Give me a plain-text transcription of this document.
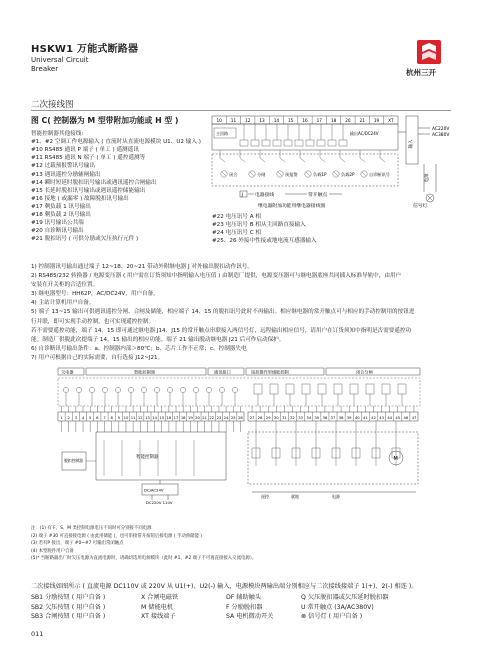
HSKW1 万能式断路器
Universal Circuit
Breaker	杭州三开
二次接线图
图 C( 控制器为 M 型带附加功能或 H 型 )
智能控制器其他接线:
#1、#2 空调工作电源输入 ( 直流时从直流电源模块 U1、U2 输入 )
#10 RS485 通讯 P 端子 ( 单工 ) 遥测遥讯
#11 RS485 通讯 N 端子 ( 单工 ) 遥控遥测等
#12 过载预报警讯号输出
#13 遇讯遥控分励辅闸输出
#14 瞬时短延时脱扣讯号输出或遇讯遥控合闸输出
#15 长延时脱扣讯号输出或遇讯遥控储能输出
#16 接地 ( 或漏零 ) 故障脱扣讯号输出
#17 剩负载 1 讯号输出
#18 剩负载 2 讯号输出
#19 讯号输出公共端
#20 自诊断讯号输出
#21 脱扣讯号 ( 可供分励或欠压执行元件 )
10 11 12 13 14 15 16 17 18 20 21 19 XT
主回路	输出AC/DC24V
输入
AC220V
AC380V
闭合	分闸	预报警	负载1P	负载2P	自诊断讯号	电源
J	电器接线	常开触点
信号灯
继电器附加功能用继电器接线图
#22 电压讯号 A 相
#23 电压讯号 B 相从主回路直接输入
#24 电压讯号 C 相
#25、26 外接中性接或地电流互感器输入
1) 控制器讯号输出通过端子 12~18、20~21 带动外附继电器 J 对外输出脱扣动作讯号。
2) RS485/232 转换器 / 电源变压器 ( 用户需在订货须知中指明输入电压值 ) 由制造厂提供，电源变压器可与继电器底座共同插入标准导轨中，由用户
安装在开关柜的合适位置。
3) 继电器型号：HH62P，AC/DC24V，用户自备。
4) 主站计算机用户自备。
5) 端子 13~15 输出可供遇讯遥控分闸、合闸及储能，相应端子 14、15 的脱扣讯号此时不再输出。相应继电器的常开触点可与相应的手动控制用的按钮进
行并联，即可实现手动控制，也可实现遥控控制。
若不需要遥控功能，端子 14、15 即可通过继电器 J14、J15 的常开触点串联接入两信号灯，远程输出相应信号，请用户在订货须知中指明是否需要遥控功
能。制造厂供脱此次提端子 14、15 输出的相应功能。端子 21 输出脱动继电器 J21 后可作启动保护。
6) 自诊断讯号输出条件：a、控制器内部＞80℃；b、芯片工作不正常；c、控制器失电
7) 用户可根据自己的实际需要，自行选接 J12~J21。
欠电器	智能控制器	通讯接口	遥控操作型储能控制	闭合分闸
1 2 3 4 5 6 7 8 9 10 11 12 13 14 15 16 17 18 19 20 21 22 23 24 25 26 27 28 29 30 31 32 33 34 35 36 37 38 39 40 41 42 43 44 45 46 47
智能控制器
脱扣控制器
DC/AC24V
DC220V 110V
M
遥控	就地	电源
注：(1) 有 F、S、M 类控制电源电压不同时可分别接不同电源
(2) 端子 #30 可直接接电源 ( 由此用储能 )，也可串接常开按钮后接电源 ( 手动预储能 )
(3) 若有P 接出，端子 #0~#7 可输出常闭触点
(4) 本型脱件用户自备
(5)* 当断路器出厂时欠压电源为直流电源时，请确切选用电源模块（此时 #1、#2 端子不可再直接接入交流电源）。
二次接线如图所示 ( 直流电源 DC110V 或 220V 从 U1(+)、U2(-) 输入，电源模块两输出端分别相应与二次接线接端子 1(+)、2(-) 相连 )。
SB1 分励按钮 ( 用户自备 )	X 合闸电磁铁	DF 辅助触头	Q 欠压脱扣器或欠压延时脱扣器
SB2 欠压按钮 ( 用户自备 )	M 储能电机	F 分励脱扣器	U 常开触点 (3A/AC380V)
SB3 合闸按钮 ( 用户自备 )	XT 接线端子	SA 电机微动开关	⊗ 信号灯 ( 用户自备 )
011
